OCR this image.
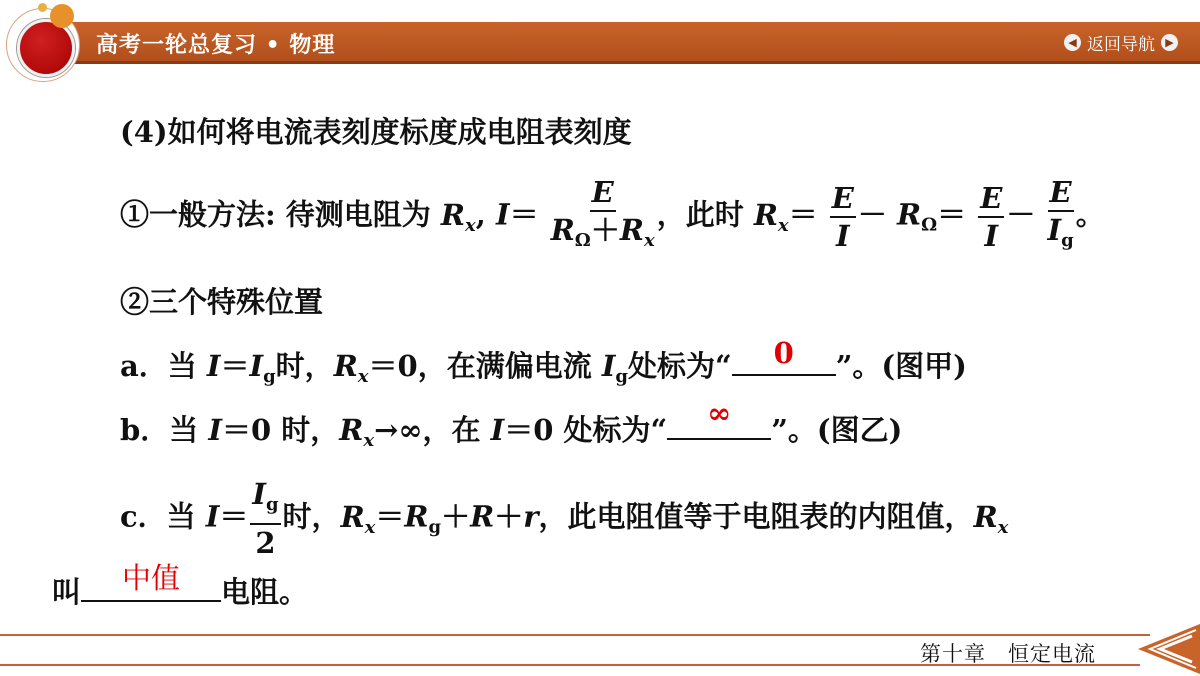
高考一轮总复习 • 物理	◀ 返回导航 ▶
(4)如何将电流表刻度标度成电阻表刻度
①一般方法: 待测电阻为 $R_x$, $I= \frac{E}{R_\Omega+R_x}$ ，此时 $R_x= \frac{E}{I} - R_\Omega= \frac{E}{I} - \frac{E}{I_g}$ 。
②三个特殊位置
a．当 $I=I_g$时，$R_x=0$，在满偏电流 $I_g$处标为“	0	”。(图甲)
b．当 I＝0 时，$R_x\to\infty$，在 I＝0 处标为“	∞	”。(图乙)
c．当 $I= \frac{I_g}{2}$ 时，$R_x=R_g+R+r$，此电阻值等于电阻表的内阻值，$R_x$
叫	中值	电阻。
第十章　恒定电流
